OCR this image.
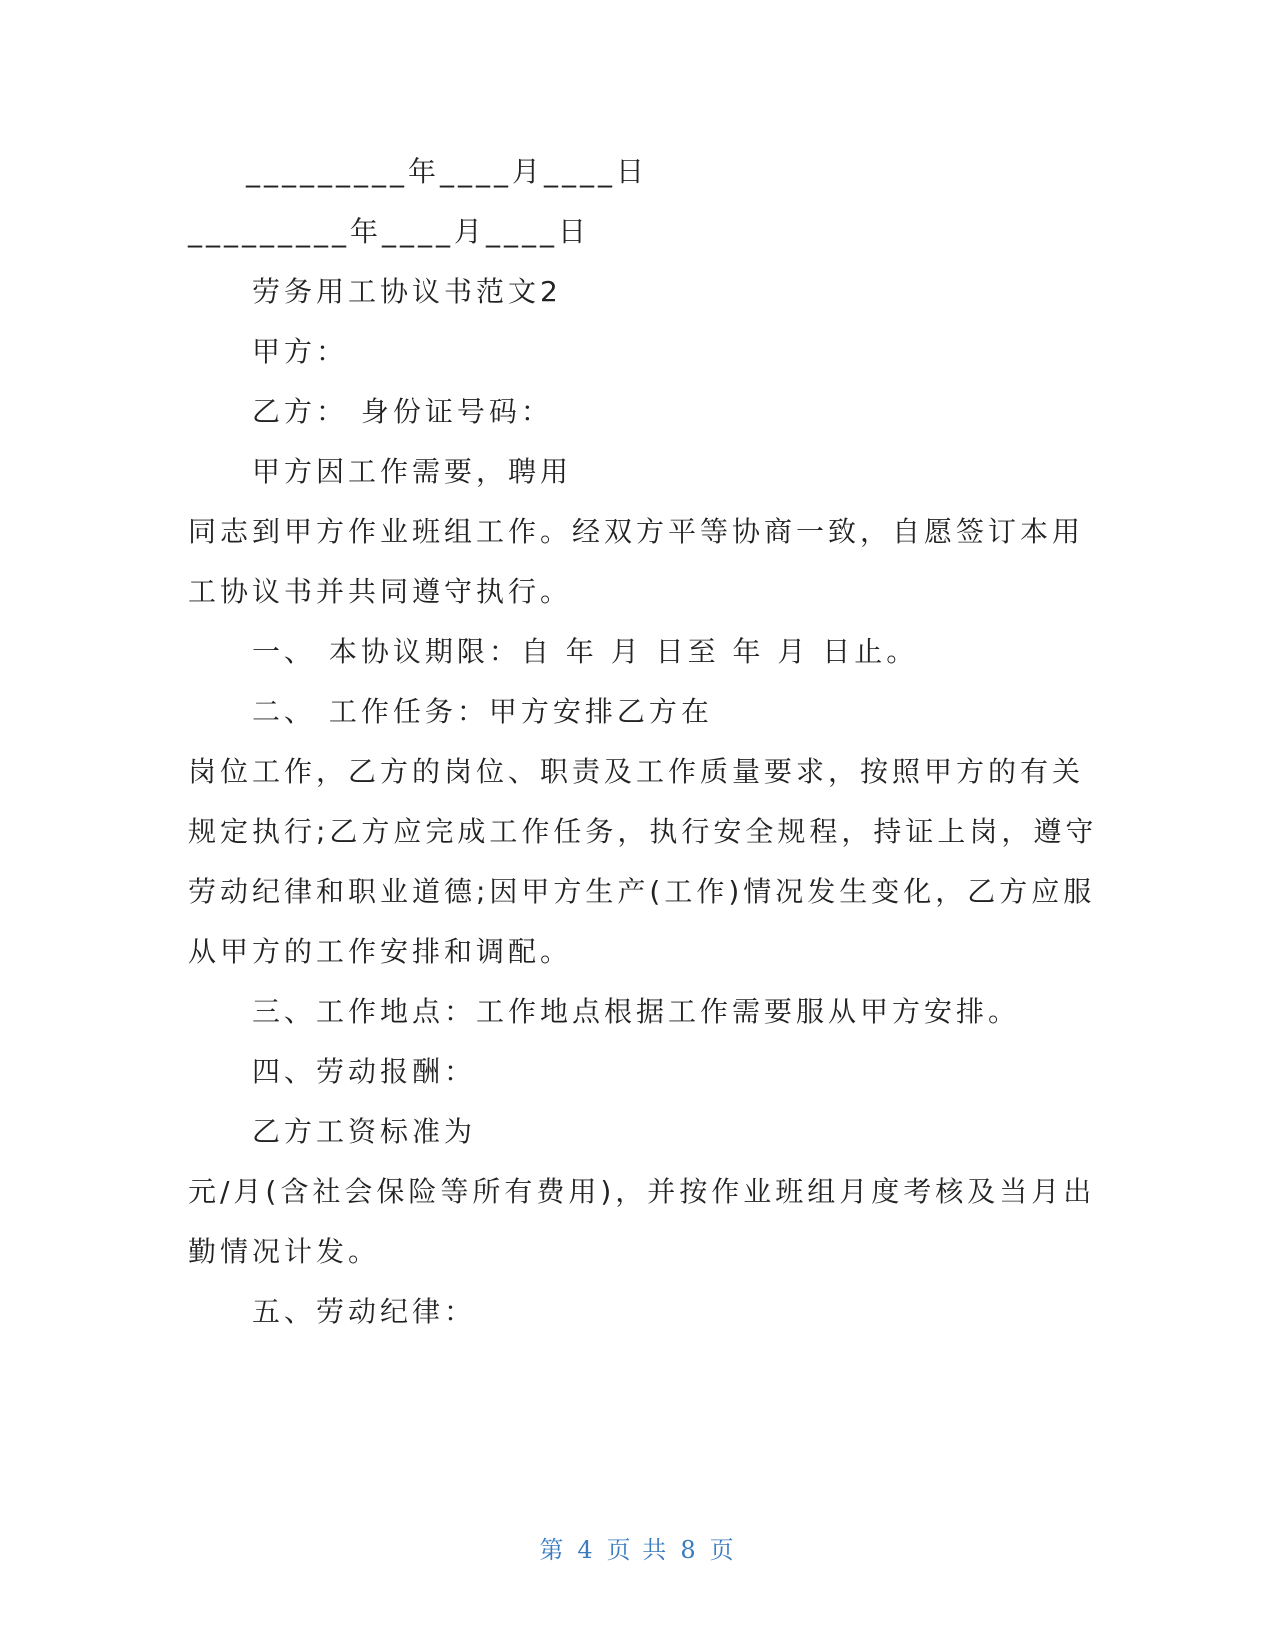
_________年____月____日
_________年____月____日
劳务用工协议书范文2
甲方：
乙方： 身份证号码：
甲方因工作需要，聘用
同志到甲方作业班组工作。经双方平等协商一致，自愿签订本用
工协议书并共同遵守执行。
一、 本协议期限：自 年 月 日至 年 月 日止。
二、 工作任务：甲方安排乙方在
岗位工作，乙方的岗位、职责及工作质量要求，按照甲方的有关
规定执行;乙方应完成工作任务，执行安全规程，持证上岗，遵守
劳动纪律和职业道德;因甲方生产(工作)情况发生变化，乙方应服
从甲方的工作安排和调配。
三、工作地点：工作地点根据工作需要服从甲方安排。
四、劳动报酬：
乙方工资标准为
元/月(含社会保险等所有费用)，并按作业班组月度考核及当月出
勤情况计发。
五、劳动纪律：
第 4 页 共 8 页
